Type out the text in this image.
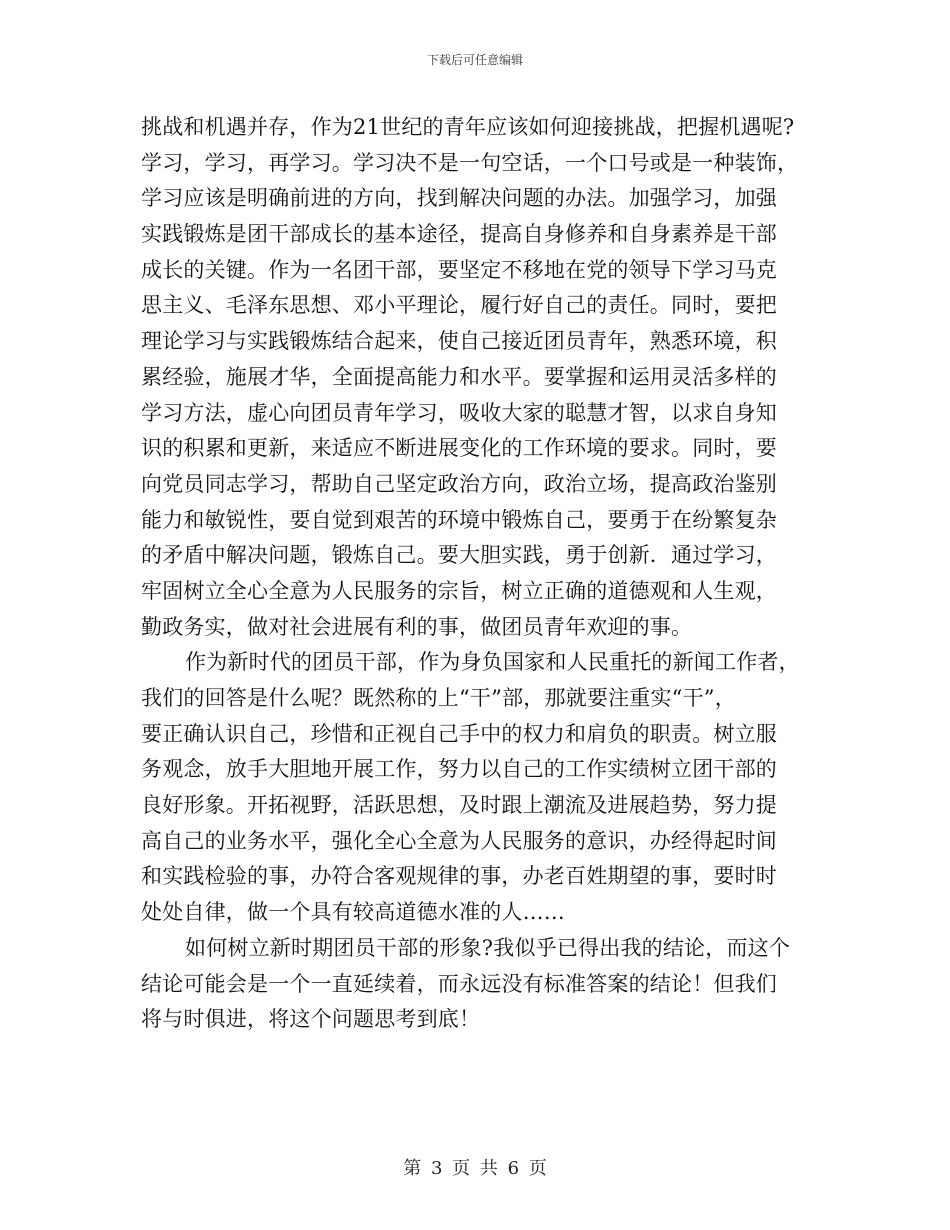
下载后可任意编辑
挑战和机遇并存，作为21世纪的青年应该如何迎接挑战，把握机遇呢?
学习，学习，再学习。学习决不是一句空话，一个口号或是一种装饰，
学习应该是明确前进的方向，找到解决问题的办法。加强学习，加强
实践锻炼是团干部成长的基本途径，提高自身修养和自身素养是干部
成长的关键。作为一名团干部，要坚定不移地在党的领导下学习马克
思主义、毛泽东思想、邓小平理论，履行好自己的责任。同时，要把
理论学习与实践锻炼结合起来，使自己接近团员青年，熟悉环境，积
累经验，施展才华，全面提高能力和水平。要掌握和运用灵活多样的
学习方法，虚心向团员青年学习，吸收大家的聪慧才智，以求自身知
识的积累和更新，来适应不断进展变化的工作环境的要求。同时，要
向党员同志学习，帮助自己坚定政治方向，政治立场，提高政治鉴别
能力和敏锐性，要自觉到艰苦的环境中锻炼自己，要勇于在纷繁复杂
的矛盾中解决问题，锻炼自己。要大胆实践，勇于创新．通过学习，
牢固树立全心全意为人民服务的宗旨，树立正确的道德观和人生观，
勤政务实，做对社会进展有利的事，做团员青年欢迎的事。
作为新时代的团员干部，作为身负国家和人民重托的新闻工作者，
我们的回答是什么呢？既然称的上“干”部，那就要注重实“干”，
要正确认识自己，珍惜和正视自己手中的权力和肩负的职责。树立服
务观念，放手大胆地开展工作，努力以自己的工作实绩树立团干部的
良好形象。开拓视野，活跃思想，及时跟上潮流及进展趋势，努力提
高自己的业务水平，强化全心全意为人民服务的意识，办经得起时间
和实践检验的事，办符合客观规律的事，办老百姓期望的事，要时时
处处自律，做一个具有较高道德水准的人……
如何树立新时期团员干部的形象?我似乎已得出我的结论，而这个
结论可能会是一个一直延续着，而永远没有标准答案的结论！但我们
将与时俱进，将这个问题思考到底！
第 3 页 共 6 页
